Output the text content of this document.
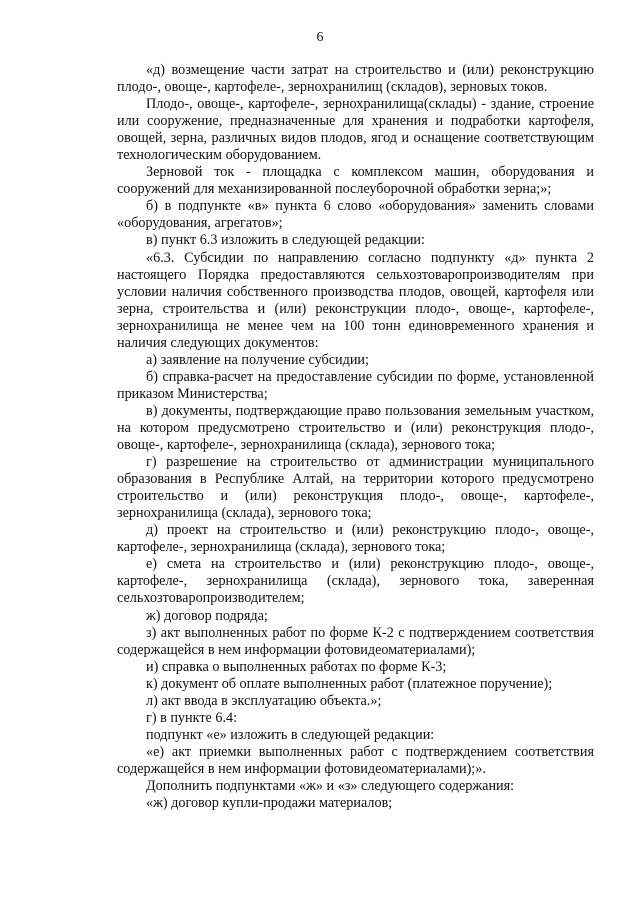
6

«д) возмещение части затрат на строительство и (или) реконструкцию плодо-, овоще-, картофеле-, зернохранилищ (складов), зерновых токов.

Плодо-, овоще-, картофеле-, зернохранилища(склады) - здание, строение или сооружение, предназначенные для хранения и подработки картофеля, овощей, зерна, различных видов плодов, ягод и оснащение соответствующим технологическим оборудованием.

Зерновой ток - площадка с комплексом машин, оборудования и сооружений для механизированной послеуборочной обработки зерна;»;

б) в подпункте «в» пункта 6 слово «оборудования» заменить словами «оборудования, агрегатов»;

в) пункт 6.3 изложить в следующей редакции:

«6.3. Субсидии по направлению согласно подпункту «д» пункта 2 настоящего Порядка предоставляются сельхозтоваропроизводителям при условии наличия собственного производства плодов, овощей, картофеля или зерна, строительства и (или) реконструкции плодо-, овоще-, картофеле-, зернохранилища не менее чем на 100 тонн единовременного хранения и наличия следующих документов:

а) заявление на получение субсидии;

б) справка-расчет на предоставление субсидии по форме, установленной приказом Министерства;

в) документы, подтверждающие право пользования земельным участком, на котором предусмотрено строительство и (или) реконструкция плодо-, овоще-, картофеле-, зернохранилища (склада), зернового тока;

г) разрешение на строительство от администрации муниципального образования в Республике Алтай, на территории которого предусмотрено строительство и (или) реконструкция плодо-, овоще-, картофеле-, зернохранилища (склада), зернового тока;

д) проект на строительство и (или) реконструкцию плодо-, овоще-, картофеле-, зернохранилища (склада), зернового тока;

е) смета на строительство и (или) реконструкцию плодо-, овоще-, картофеле-, зернохранилища (склада), зернового тока, заверенная сельхозтоваропроизводителем;

ж) договор подряда;

з) акт выполненных работ по форме К-2 с подтверждением соответствия содержащейся в нем информации фотовидеоматериалами);

и) справка о выполненных работах по форме К-3;

к) документ об оплате выполненных работ (платежное поручение);

л) акт ввода в эксплуатацию объекта.»;

г) в пункте 6.4:

подпункт «е» изложить в следующей редакции:

«е) акт приемки выполненных работ с подтверждением соответствия содержащейся в нем информации фотовидеоматериалами);».

Дополнить подпунктами «ж» и «з» следующего содержания:

«ж) договор купли-продажи материалов;
